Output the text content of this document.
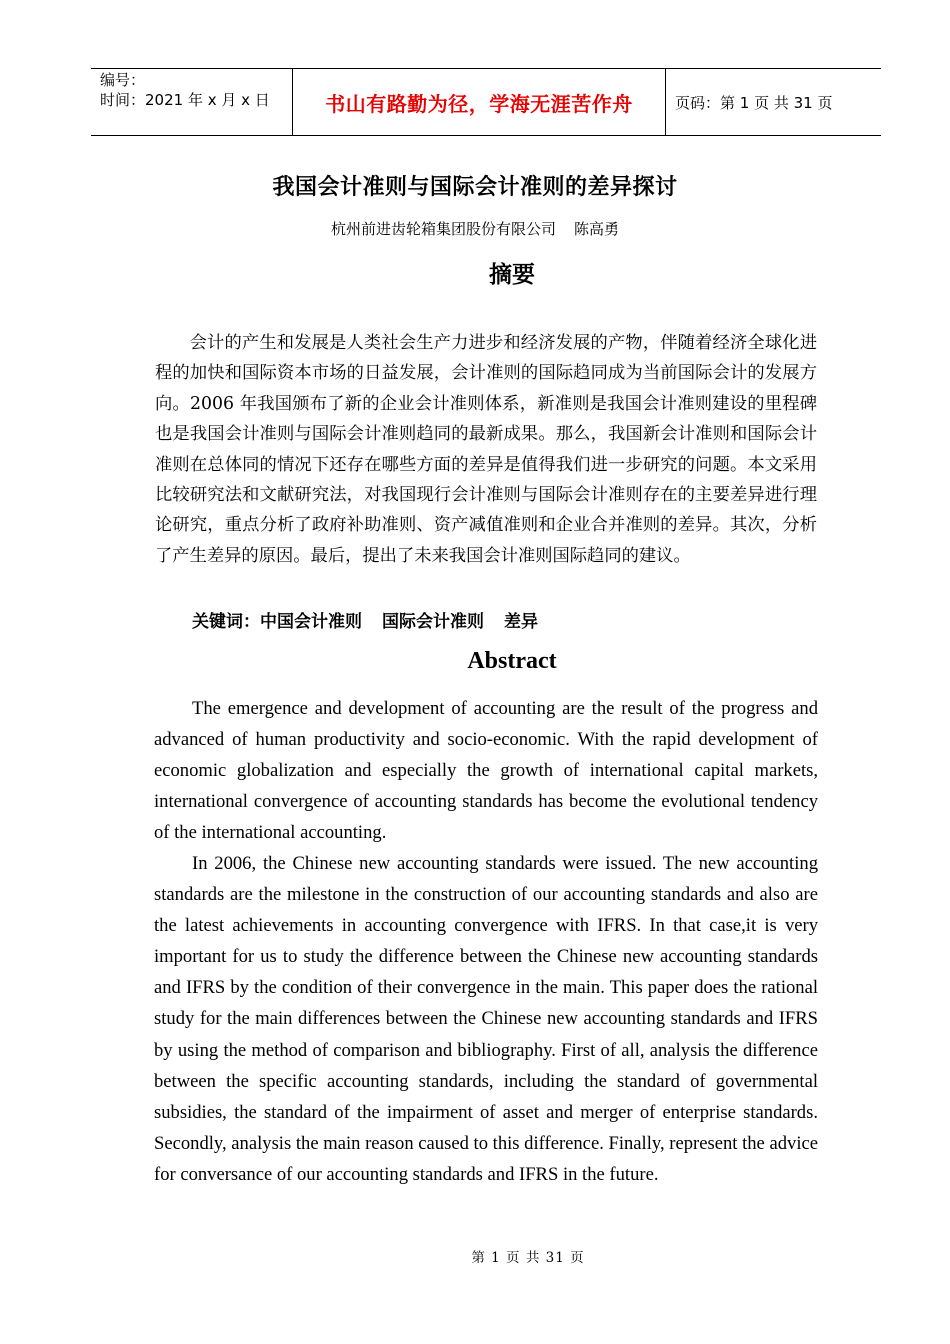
编号：
时间：2021 年 x 月 x 日	书山有路勤为径，学海无涯苦作舟	页码：第 1 页 共 31 页
我国会计准则与国际会计准则的差异探讨
杭州前进齿轮箱集团股份有限公司 陈高勇
摘要

会计的产生和发展是人类社会生产力进步和经济发展的产物，伴随着经济全球化进程的加快和国际资本市场的日益发展，会计准则的国际趋同成为当前国际会计的发展方向。2006 年我国颁布了新的企业会计准则体系，新准则是我国会计准则建设的里程碑也是我国会计准则与国际会计准则趋同的最新成果。那么，我国新会计准则和国际会计准则在总体同的情况下还存在哪些方面的差异是值得我们进一步研究的问题。本文采用比较研究法和文献研究法，对我国现行会计准则与国际会计准则存在的主要差异进行理论研究，重点分析了政府补助准则、资产减值准则和企业合并准则的差异。其次，分析了产生差异的原因。最后，提出了未来我国会计准则国际趋同的建议。

关键词：中国会计准则 国际会计准则 差异
Abstract

The emergence and development of accounting are the result of the progress and advanced of human productivity and socio-economic. With the rapid development of economic globalization and especially the growth of international capital markets, international convergence of accounting standards has become the evolutional tendency of the international accounting.

In 2006, the Chinese new accounting standards were issued. The new accounting standards are the milestone in the construction of our accounting standards and also are the latest achievements in accounting convergence with IFRS. In that case,it is very important for us to study the difference between the Chinese new accounting standards and IFRS by the condition of their convergence in the main. This paper does the rational study for the main differences between the Chinese new accounting standards and IFRS by using the method of comparison and bibliography. First of all, analysis the difference between the specific accounting standards, including the standard of governmental subsidies, the standard of the impairment of asset and merger of enterprise standards. Secondly, analysis the main reason caused to this difference. Finally, represent the advice for conversance of our accounting standards and IFRS in the future.

第 1 页 共 31 页
